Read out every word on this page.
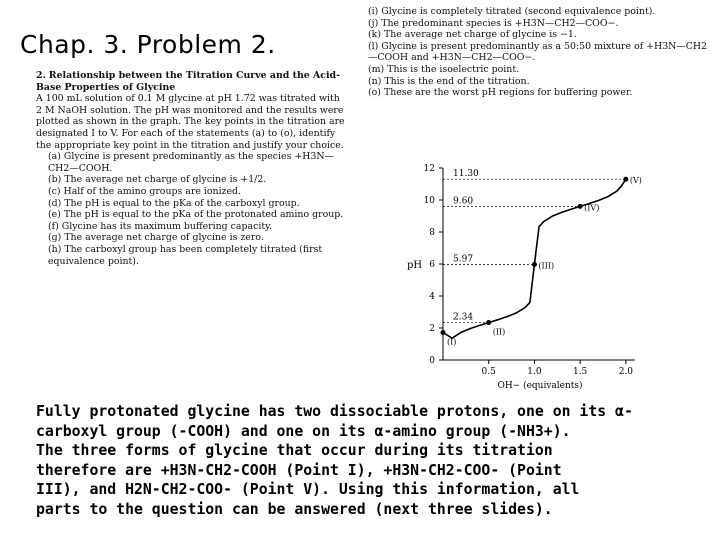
Chap. 3. Problem 2.

2. Relationship between the Titration Curve and the Acid-Base Properties of Glycine

A 100 mL solution of 0.1 M glycine at pH 1.72 was titrated with 2 M NaOH solution. The pH was monitored and the results were plotted as shown in the graph. The key points in the titration are designated I to V. For each of the statements (a) to (o), identify the appropriate key point in the titration and justify your choice.

(a) Glycine is present predominantly as the species +H3N—CH2—COOH.

(b) The average net charge of glycine is +1/2.

(c) Half of the amino groups are ionized.

(d) The pH is equal to the pKa of the carboxyl group.

(e) The pH is equal to the pKa of the protonated amino group.

(f) Glycine has its maximum buffering capacity.

(g) The average net charge of glycine is zero.

(h) The carboxyl group has been completely titrated (first equivalence point).

(i) Glycine is completely titrated (second equivalence point).

(j) The predominant species is +H3N—CH2—COO−.

(k) The average net charge of glycine is −1.

(l) Glycine is present predominantly as a 50:50 mixture of +H3N—CH2—COOH and +H3N—CH2—COO−.

(m) This is the isoelectric point.

(n) This is the end of the titration.

(o) These are the worst pH regions for buffering power.

pH
OH− (equivalents)
0
2
4
6
8
10
12
0.5	1.0	1.5	2.0
2.34
5.97
9.60
11.30
(I)
(II)
(III)
(IV)
(V)

Fully protonated glycine has two dissociable protons, one on its α-

carboxyl group (-COOH) and one on its α-amino group (-NH3+).

The three forms of glycine that occur during its titration

therefore are +H3N-CH2-COOH (Point I), +H3N-CH2-COO- (Point

III), and H2N-CH2-COO- (Point V). Using this information, all

parts to the question can be answered (next three slides).
